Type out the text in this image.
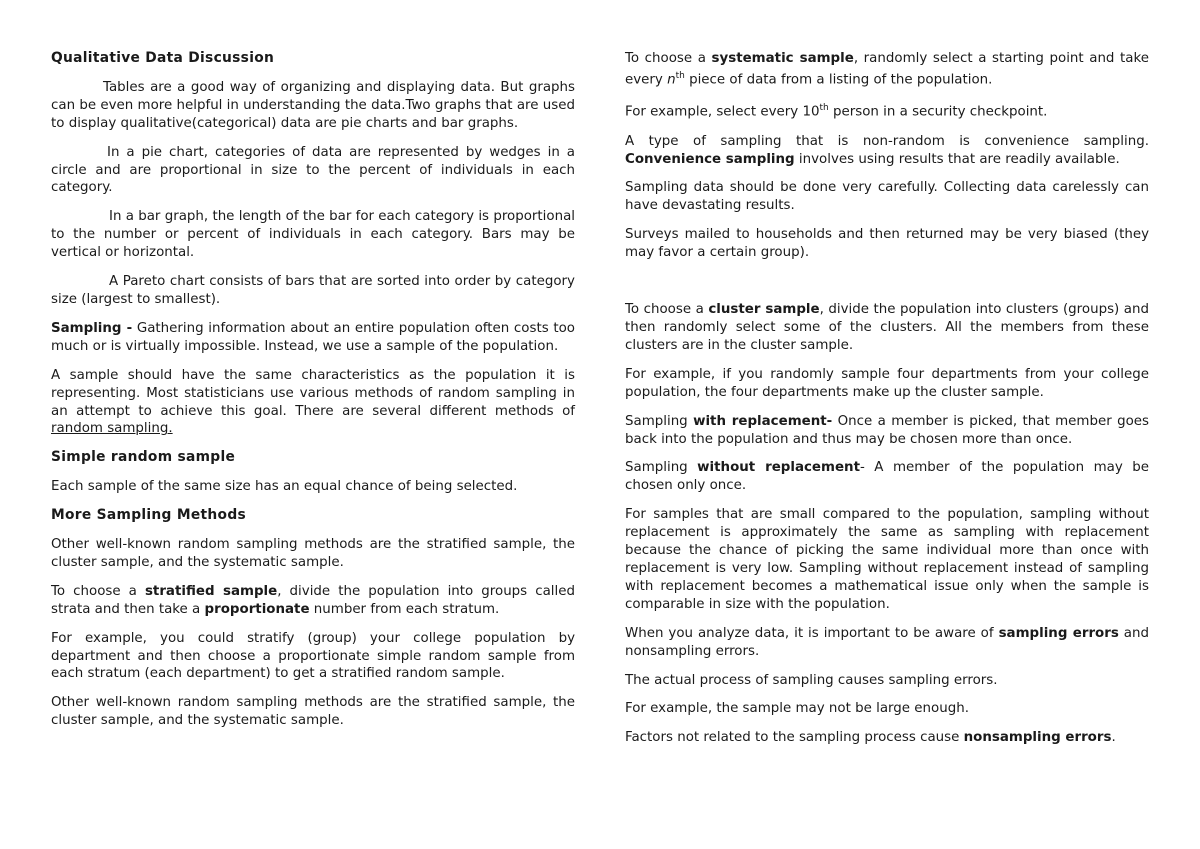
Qualitative Data Discussion

Tables are a good way of organizing and displaying data. But graphs can be even more helpful in understanding the data.Two graphs that are used to display qualitative(categorical) data are pie charts and bar graphs.

In a pie chart, categories of data are represented by wedges in a circle and are proportional in size to the percent of individuals in each category.

In a bar graph, the length of the bar for each category is proportional to the number or percent of individuals in each category. Bars may be vertical or horizontal.

A Pareto chart consists of bars that are sorted into order by category size (largest to smallest).

Sampling - Gathering information about an entire population often costs too much or is virtually impossible. Instead, we use a sample of the population.

A sample should have the same characteristics as the population it is representing. Most statisticians use various methods of random sampling in an attempt to achieve this goal. There are several different methods of random sampling.

Simple random sample

Each sample of the same size has an equal chance of being selected.

More Sampling Methods

Other well-known random sampling methods are the stratified sample, the cluster sample, and the systematic sample.

To choose a stratified sample, divide the population into groups called strata and then take a proportionate number from each stratum.

For example, you could stratify (group) your college population by department and then choose a proportionate simple random sample from each stratum (each department) to get a stratified random sample.

Other well-known random sampling methods are the stratified sample, the cluster sample, and the systematic sample.

To choose a systematic sample, randomly select a starting point and take every $n^{th}$ piece of data from a listing of the population.

For example, select every 10th person in a security checkpoint.

A type of sampling that is non-random is convenience sampling. Convenience sampling involves using results that are readily available.

Sampling data should be done very carefully. Collecting data carelessly can have devastating results.

Surveys mailed to households and then returned may be very biased (they may favor a certain group).

To choose a cluster sample, divide the population into clusters (groups) and then randomly select some of the clusters. All the members from these clusters are in the cluster sample.

For example, if you randomly sample four departments from your college population, the four departments make up the cluster sample.

Sampling with replacement- Once a member is picked, that member goes back into the population and thus may be chosen more than once.

Sampling without replacement- A member of the population may be chosen only once.

For samples that are small compared to the population, sampling without replacement is approximately the same as sampling with replacement because the chance of picking the same individual more than once with replacement is very low. Sampling without replacement instead of sampling with replacement becomes a mathematical issue only when the sample is comparable in size with the population.

When you analyze data, it is important to be aware of sampling errors and nonsampling errors.

The actual process of sampling causes sampling errors.

For example, the sample may not be large enough.

Factors not related to the sampling process cause nonsampling errors.
